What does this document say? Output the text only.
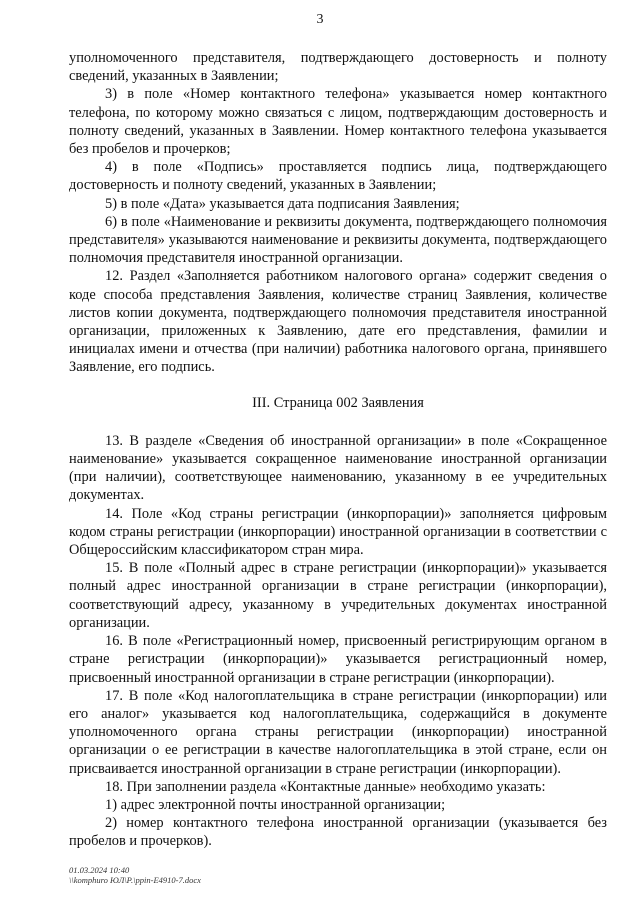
3

уполномоченного представителя, подтверждающего достоверность и полноту сведений, указанных в Заявлении;

3) в поле «Номер контактного телефона» указывается номер контактного телефона, по которому можно связаться с лицом, подтверждающим достоверность и полноту сведений, указанных в Заявлении. Номер контактного телефона указывается без пробелов и прочерков;

4) в поле «Подпись» проставляется подпись лица, подтверждающего достоверность и полноту сведений, указанных в Заявлении;

5) в поле «Дата» указывается дата подписания Заявления;

6) в поле «Наименование и реквизиты документа, подтверждающего полномочия представителя» указываются наименование и реквизиты документа, подтверждающего полномочия представителя иностранной организации.

12. Раздел «Заполняется работником налогового органа» содержит сведения о коде способа представления Заявления, количестве страниц Заявления, количестве листов копии документа, подтверждающего полномочия представителя иностранной организации, приложенных к Заявлению, дате его представления, фамилии и инициалах имени и отчества (при наличии) работника налогового органа, принявшего Заявление, его подпись.

III. Страница 002 Заявления

13. В разделе «Сведения об иностранной организации» в поле «Сокращенное наименование» указывается сокращенное наименование иностранной организации (при наличии), соответствующее наименованию, указанному в ее учредительных документах.

14. Поле «Код страны регистрации (инкорпорации)» заполняется цифровым кодом страны регистрации (инкорпорации) иностранной организации в соответствии с Общероссийским классификатором стран мира.

15. В поле «Полный адрес в стране регистрации (инкорпорации)» указывается полный адрес иностранной организации в стране регистрации (инкорпорации), соответствующий адресу, указанному в учредительных документах иностранной организации.

16. В поле «Регистрационный номер, присвоенный регистрирующим органом в стране регистрации (инкорпорации)» указывается регистрационный номер, присвоенный иностранной организации в стране регистрации (инкорпорации).

17. В поле «Код налогоплательщика в стране регистрации (инкорпорации) или его аналог» указывается код налогоплательщика, содержащийся в документе уполномоченного органа страны регистрации (инкорпорации) иностранной организации о ее регистрации в качестве налогоплательщика в этой стране, если он присваивается иностранной организации в стране регистрации (инкорпорации).

18. При заполнении раздела «Контактные данные» необходимо указать:

1) адрес электронной почты иностранной организации;

2) номер контактного телефона иностранной организации (указывается без пробелов и прочерков).

01.03.2024 10:40
\\komphuro ЮЛ\Р.\ppin-E4910-7.docx
